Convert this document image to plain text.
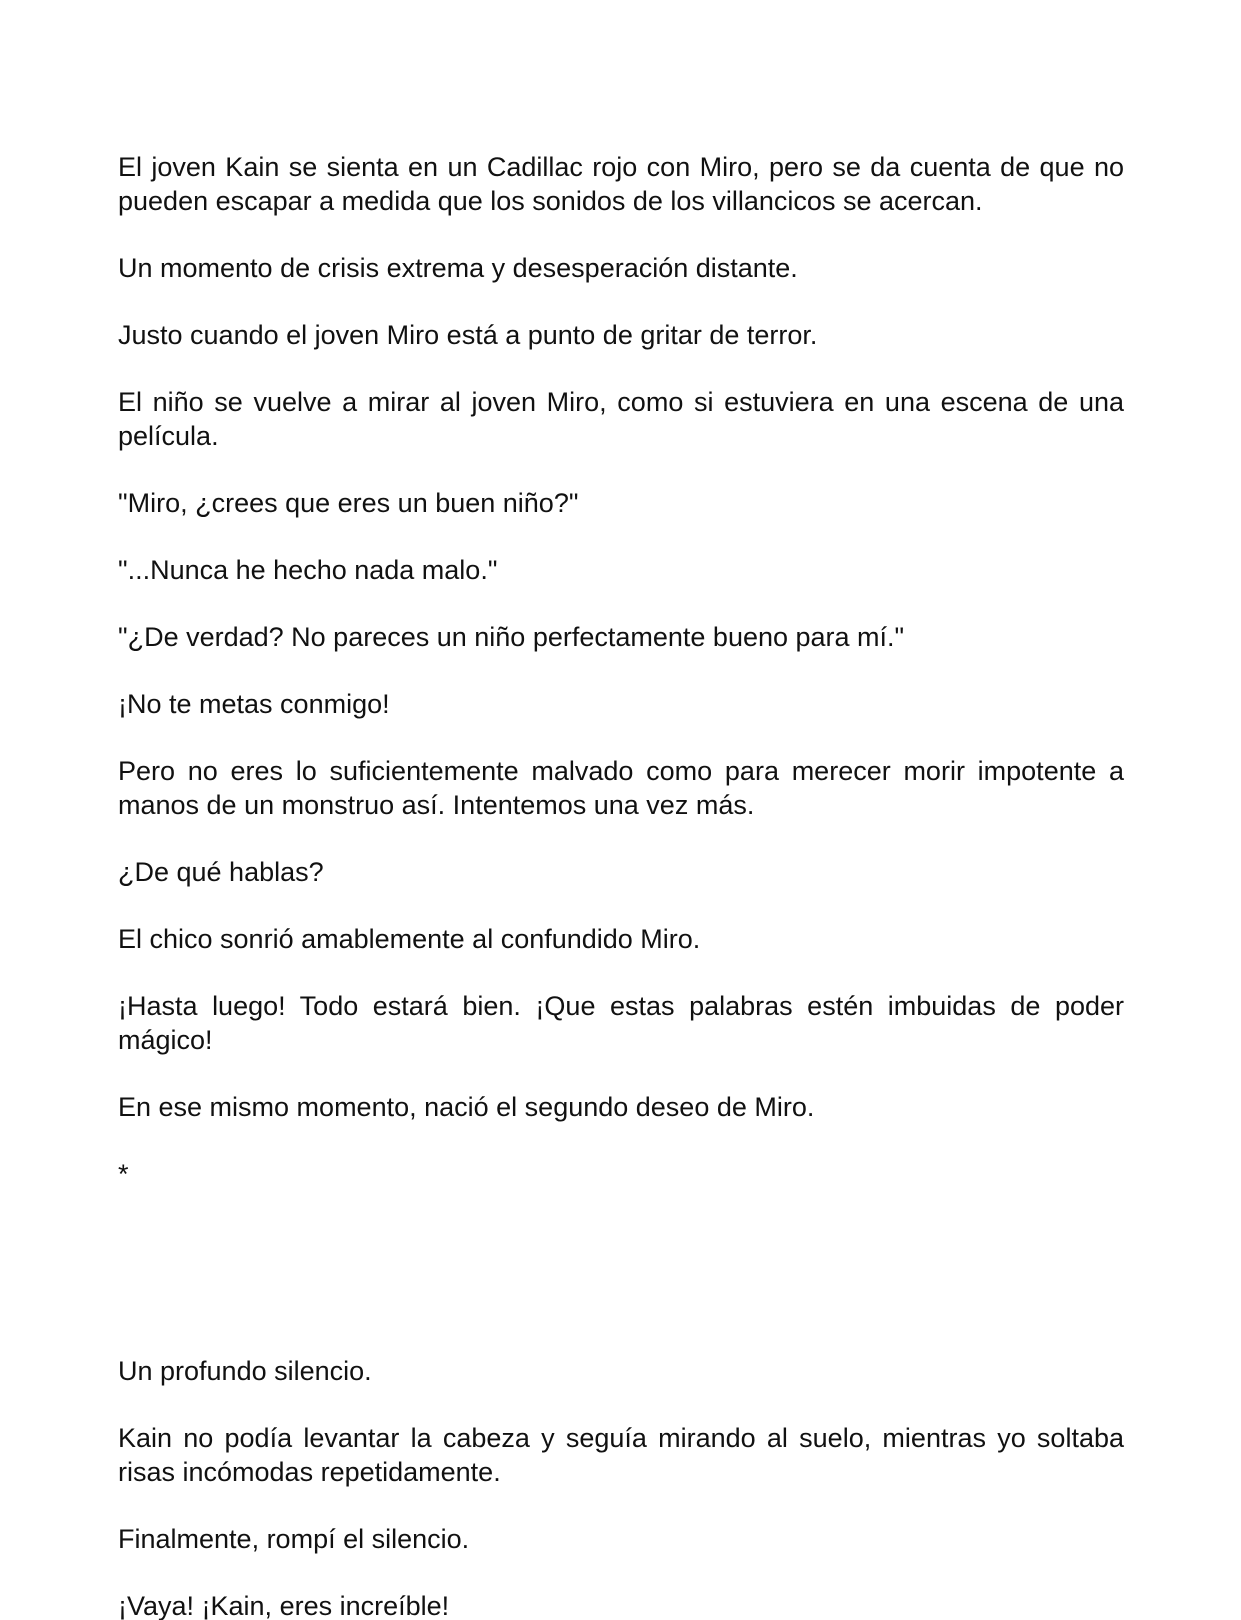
El joven Kain se sienta en un Cadillac rojo con Miro, pero se da cuenta de que no pueden escapar a medida que los sonidos de los villancicos se acercan.

Un momento de crisis extrema y desesperación distante.

Justo cuando el joven Miro está a punto de gritar de terror.

El niño se vuelve a mirar al joven Miro, como si estuviera en una escena de una película.

"Miro, ¿crees que eres un buen niño?"

"...Nunca he hecho nada malo."

"¿De verdad? No pareces un niño perfectamente bueno para mí."

¡No te metas conmigo!

Pero no eres lo suficientemente malvado como para merecer morir impotente a manos de un monstruo así. Intentemos una vez más.

¿De qué hablas?

El chico sonrió amablemente al confundido Miro.

¡Hasta luego! Todo estará bien. ¡Que estas palabras estén imbuidas de poder mágico!

En ese mismo momento, nació el segundo deseo de Miro.

*

Un profundo silencio.

Kain no podía levantar la cabeza y seguía mirando al suelo, mientras yo soltaba risas incómodas repetidamente.

Finalmente, rompí el silencio.

¡Vaya! ¡Kain, eres increíble!
